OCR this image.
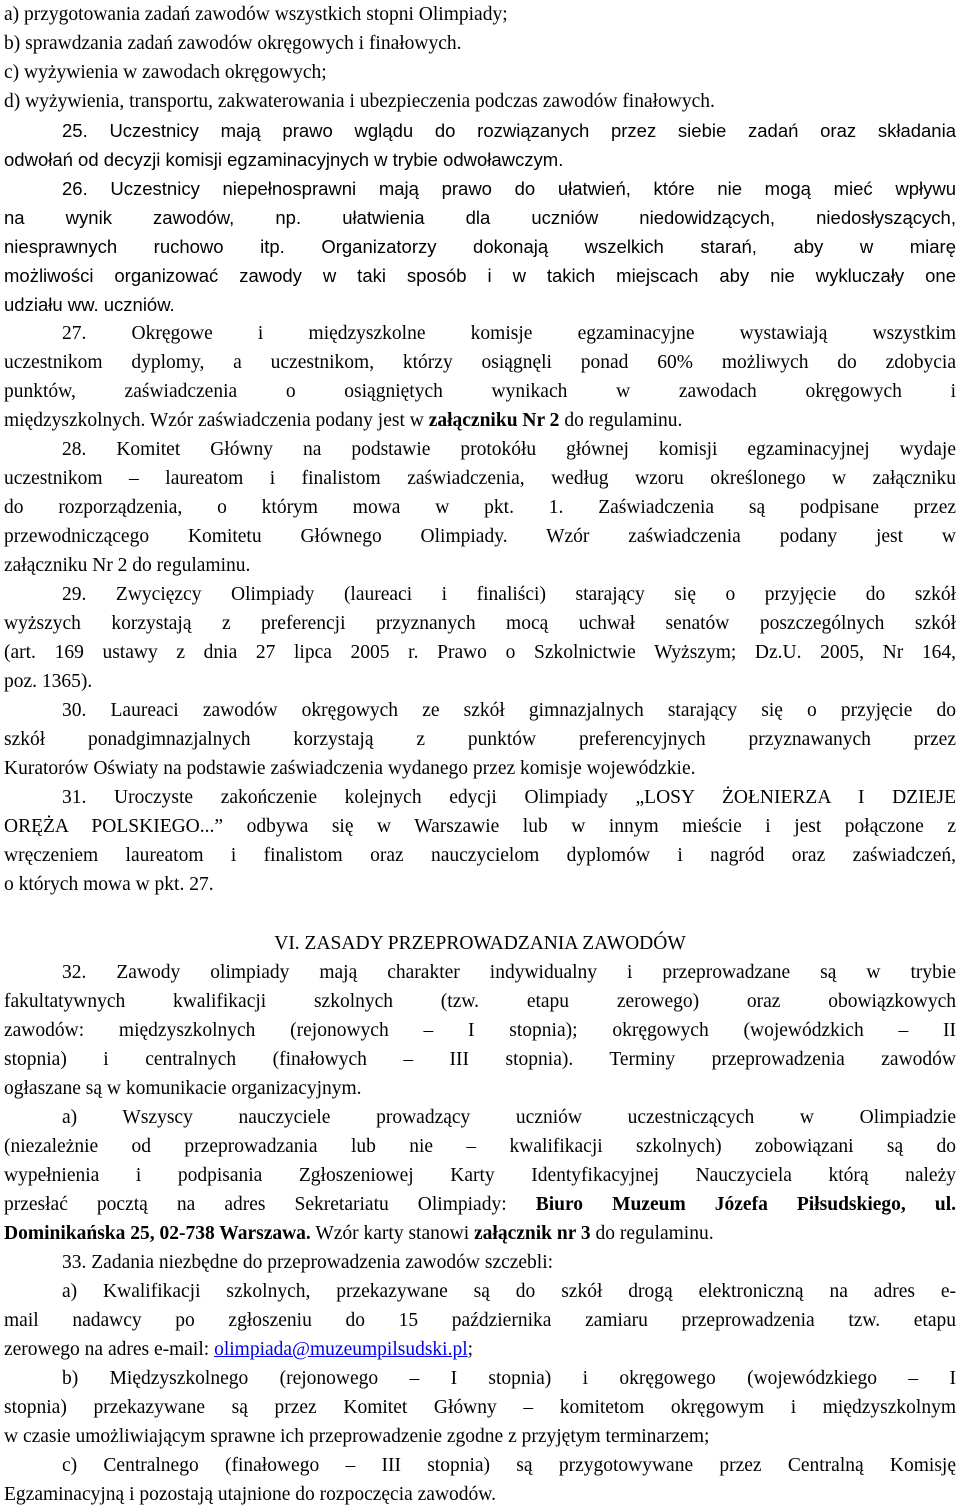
a) przygotowania zadań zawodów wszystkich stopni Olimpiady;
b) sprawdzania zadań zawodów okręgowych i finałowych.
c) wyżywienia w zawodach okręgowych;
d) wyżywienia, transportu, zakwaterowania i ubezpieczenia podczas zawodów finałowych.
25. Uczestnicy mają prawo wglądu do rozwiązanych przez siebie zadań oraz składania
odwołań od decyzji komisji egzaminacyjnych w trybie odwoławczym.
26. Uczestnicy niepełnosprawni mają prawo do ułatwień, które nie mogą mieć wpływu
na wynik zawodów, np. ułatwienia dla uczniów niedowidzących, niedosłyszących,
niesprawnych ruchowo itp. Organizatorzy dokonają wszelkich starań, aby w miarę
możliwości organizować zawody w taki sposób i w takich miejscach aby nie wykluczały one
udziału ww. uczniów.
27. Okręgowe i międzyszkolne komisje egzaminacyjne wystawiają wszystkim
uczestnikom dyplomy, a uczestnikom, którzy osiągnęli ponad 60% możliwych do zdobycia
punktów, zaświadczenia o osiągniętych wynikach w zawodach okręgowych i
międzyszkolnych. Wzór zaświadczenia podany jest w załączniku Nr 2 do regulaminu.
28. Komitet Główny na podstawie protokółu głównej komisji egzaminacyjnej wydaje
uczestnikom – laureatom i finalistom zaświadczenia, według wzoru określonego w załączniku
do rozporządzenia, o którym mowa w pkt. 1. Zaświadczenia są podpisane przez
przewodniczącego Komitetu Głównego Olimpiady. Wzór zaświadczenia podany jest w
załączniku Nr 2 do regulaminu.
29. Zwycięzcy Olimpiady (laureaci i finaliści) starający się o przyjęcie do szkół
wyższych korzystają z preferencji przyznanych mocą uchwał senatów poszczególnych szkół
(art. 169 ustawy z dnia 27 lipca 2005 r. Prawo o Szkolnictwie Wyższym; Dz.U. 2005, Nr 164,
poz. 1365).
30. Laureaci zawodów okręgowych ze szkół gimnazjalnych starający się o przyjęcie do
szkół ponadgimnazjalnych korzystają z punktów preferencyjnych przyznawanych przez
Kuratorów Oświaty na podstawie zaświadczenia wydanego przez komisje wojewódzkie.
31. Uroczyste zakończenie kolejnych edycji Olimpiady „LOSY ŻOŁNIERZA I DZIEJE
ORĘŻA POLSKIEGO...” odbywa się w Warszawie lub w innym mieście i jest połączone z
wręczeniem laureatom i finalistom oraz nauczycielom dyplomów i nagród oraz zaświadczeń,
o których mowa w pkt. 27.
VI. ZASADY PRZEPROWADZANIA ZAWODÓW
32. Zawody olimpiady mają charakter indywidualny i przeprowadzane są w trybie
fakultatywnych kwalifikacji szkolnych (tzw. etapu zerowego) oraz obowiązkowych
zawodów: międzyszkolnych (rejonowych – I stopnia); okręgowych (wojewódzkich – II
stopnia) i centralnych (finałowych – III stopnia). Terminy przeprowadzenia zawodów
ogłaszane są w komunikacie organizacyjnym.
a) Wszyscy nauczyciele prowadzący uczniów uczestniczących w Olimpiadzie
(niezależnie od przeprowadzania lub nie – kwalifikacji szkolnych) zobowiązani są do
wypełnienia i podpisania Zgłoszeniowej Karty Identyfikacyjnej Nauczyciela którą należy
przesłać pocztą na adres Sekretariatu Olimpiady: Biuro Muzeum Józefa Piłsudskiego, ul.
Dominikańska 25, 02-738 Warszawa. Wzór karty stanowi załącznik nr 3 do regulaminu.
33. Zadania niezbędne do przeprowadzenia zawodów szczebli:
a) Kwalifikacji szkolnych, przekazywane są do szkół drogą elektroniczną na adres e-
mail nadawcy po zgłoszeniu do 15 października zamiaru przeprowadzenia tzw. etapu
zerowego na adres e-mail: olimpiada@muzeumpilsudski.pl;
b) Międzyszkolnego (rejonowego – I stopnia) i okręgowego (wojewódzkiego – I
stopnia) przekazywane są przez Komitet Główny – komitetom okręgowym i międzyszkolnym
w czasie umożliwiającym sprawne ich przeprowadzenie zgodne z przyjętym terminarzem;
c) Centralnego (finałowego – III stopnia) są przygotowywane przez Centralną Komisję
Egzaminacyjną i pozostają utajnione do rozpoczęcia zawodów.
